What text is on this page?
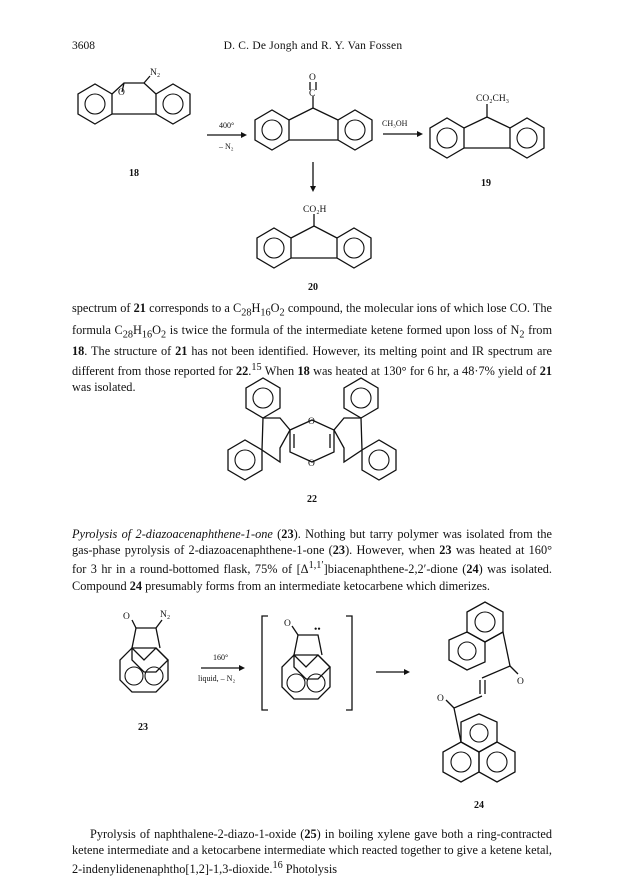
3608	D. C. De Jongh and R. Y. Van Fossen
O
N₂
18
400°
– N₂
O
C
CH₃OH
CO₂CH₃
19
CO₂H
20

spectrum of 21 corresponds to a $C_{28}H_{16}O_2$ compound, the molecular ions of which lose CO. The formula $C_{28}H_{16}O_2$ is twice the formula of the intermediate ketene formed upon loss of $N_2$ from 18. The structure of 21 has not been identified. However, its melting point and IR spectrum are different from those reported for 22.15 When 18 was heated at 130° for 6 hr, a 48·7% yield of 21 was isolated.

O
O
22

Pyrolysis of 2-diazoacenaphthene-1-one (23). Nothing but tarry polymer was isolated from the gas-phase pyrolysis of 2-diazoacenaphthene-1-one (23). However, when 23 was heated at 160° for 3 hr in a round-bottomed flask, 75% of $[\Delta^{1,1'}]biacenaphthene-2,2'$-dione (24) was isolated. Compound 24 presumably forms from an intermediate ketocarbene which dimerizes.

O	N₂
23
160°
liquid, – N₂
O
••
O
O
24

Pyrolysis of naphthalene-2-diazo-1-oxide (25) in boiling xylene gave both a ring-contracted ketene intermediate and a ketocarbene intermediate which reacted together to give a ketene ketal, 2-indenylidenenaphtho[1,2]-1,3-dioxide.$^{16}$ Photolysis
